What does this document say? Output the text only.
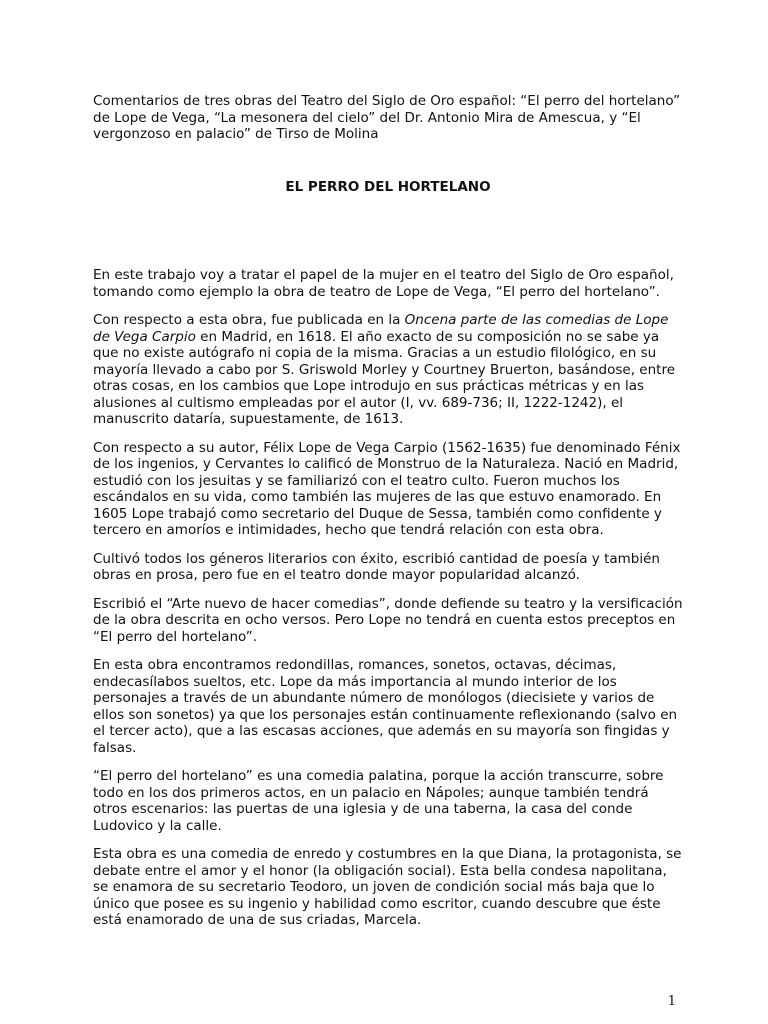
Comentarios de tres obras del Teatro del Siglo de Oro español: “El perro del hortelano” de Lope de Vega, “La mesonera del cielo” del Dr. Antonio Mira de Amescua, y “El vergonzoso en palacio” de Tirso de Molina

EL PERRO DEL HORTELANO

En este trabajo voy a tratar el papel de la mujer en el teatro del Siglo de Oro español, tomando como ejemplo la obra de teatro de Lope de Vega, “El perro del hortelano”.

Con respecto a esta obra, fue publicada en la Oncena parte de las comedias de Lope de Vega Carpio en Madrid, en 1618. El año exacto de su composición no se sabe ya que no existe autógrafo ni copia de la misma. Gracias a un estudio filológico, en su mayoría llevado a cabo por S. Griswold Morley y Courtney Bruerton, basándose, entre otras cosas, en los cambios que Lope introdujo en sus prácticas métricas y en las alusiones al cultismo empleadas por el autor (I, vv. 689-736; II, 1222-1242), el manuscrito dataría, supuestamente, de 1613.

Con respecto a su autor, Félix Lope de Vega Carpio (1562-1635) fue denominado Fénix de los ingenios, y Cervantes lo calificó de Monstruo de la Naturaleza. Nació en Madrid, estudió con los jesuitas y se familiarizó con el teatro culto. Fueron muchos los escándalos en su vida, como también las mujeres de las que estuvo enamorado. En 1605 Lope trabajó como secretario del Duque de Sessa, también como confidente y tercero en amoríos e intimidades, hecho que tendrá relación con esta obra.

Cultivó todos los géneros literarios con éxito, escribió cantidad de poesía y también obras en prosa, pero fue en el teatro donde mayor popularidad alcanzó.

Escribió el “Arte nuevo de hacer comedias”, donde defiende su teatro y la versificación de la obra descrita en ocho versos. Pero Lope no tendrá en cuenta estos preceptos en “El perro del hortelano”.

En esta obra encontramos redondillas, romances, sonetos, octavas, décimas, endecasílabos sueltos, etc. Lope da más importancia al mundo interior de los personajes a través de un abundante número de monólogos (diecisiete y varios de ellos son sonetos) ya que los personajes están continuamente reflexionando (salvo en el tercer acto), que a las escasas acciones, que además en su mayoría son fingidas y falsas.

“El perro del hortelano” es una comedia palatina, porque la acción transcurre, sobre todo en los dos primeros actos, en un palacio en Nápoles; aunque también tendrá otros escenarios: las puertas de una iglesia y de una taberna, la casa del conde Ludovico y la calle.

Esta obra es una comedia de enredo y costumbres en la que Diana, la protagonista, se debate entre el amor y el honor (la obligación social). Esta bella condesa napolitana, se enamora de su secretario Teodoro, un joven de condición social más baja que lo único que posee es su ingenio y habilidad como escritor, cuando descubre que éste está enamorado de una de sus criadas, Marcela.

1
